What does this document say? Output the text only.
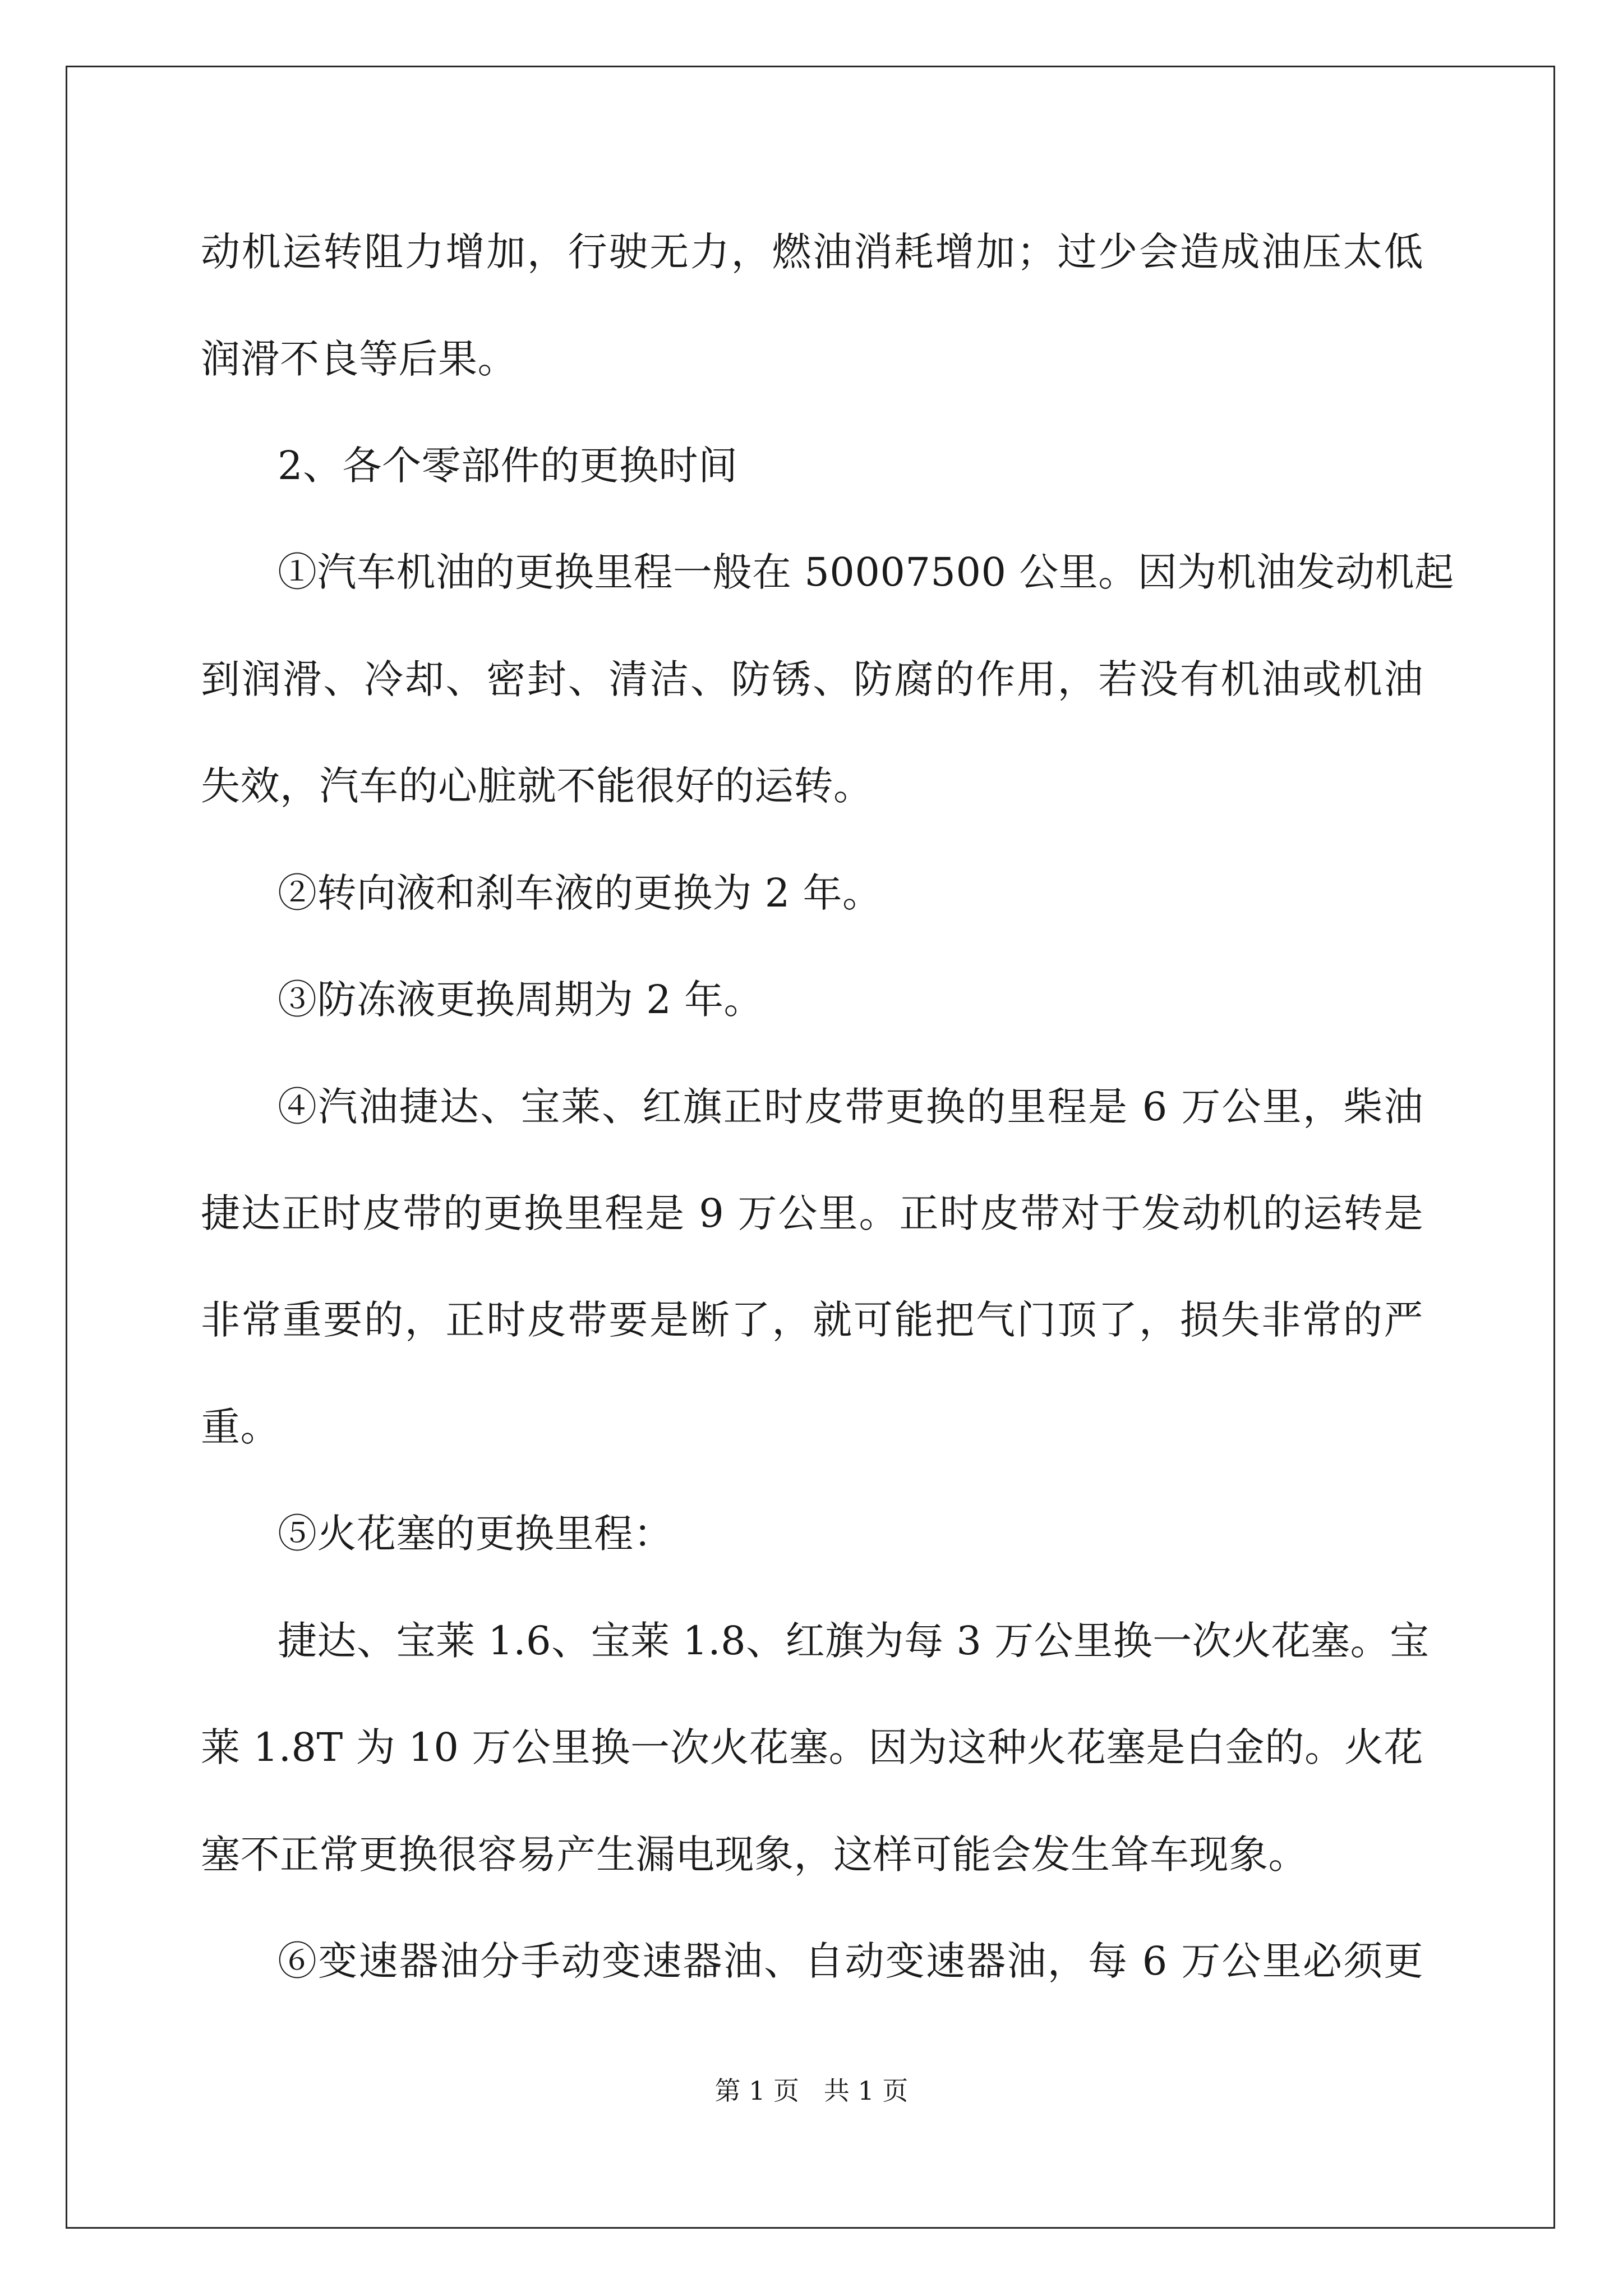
动机运转阻力增加，行驶无力，燃油消耗增加；过少会造成油压太低
润滑不良等后果。
2、各个零部件的更换时间
①汽车机油的更换里程一般在 50007500 公里。因为机油发动机起
到润滑、冷却、密封、清洁、防锈、防腐的作用，若没有机油或机油
失效，汽车的心脏就不能很好的运转。
②转向液和刹车液的更换为 2 年。
③防冻液更换周期为 2 年。
④汽油捷达、宝莱、红旗正时皮带更换的里程是 6 万公里，柴油
捷达正时皮带的更换里程是 9 万公里。正时皮带对于发动机的运转是
非常重要的，正时皮带要是断了，就可能把气门顶了，损失非常的严
重。
⑤火花塞的更换里程：
捷达、宝莱 1.6、宝莱 1.8、红旗为每 3 万公里换一次火花塞。宝
莱 1.8T 为 10 万公里换一次火花塞。因为这种火花塞是白金的。火花
塞不正常更换很容易产生漏电现象，这样可能会发生耸车现象。
⑥变速器油分手动变速器油、自动变速器油，每 6 万公里必须更
第 1 页   共 1 页
